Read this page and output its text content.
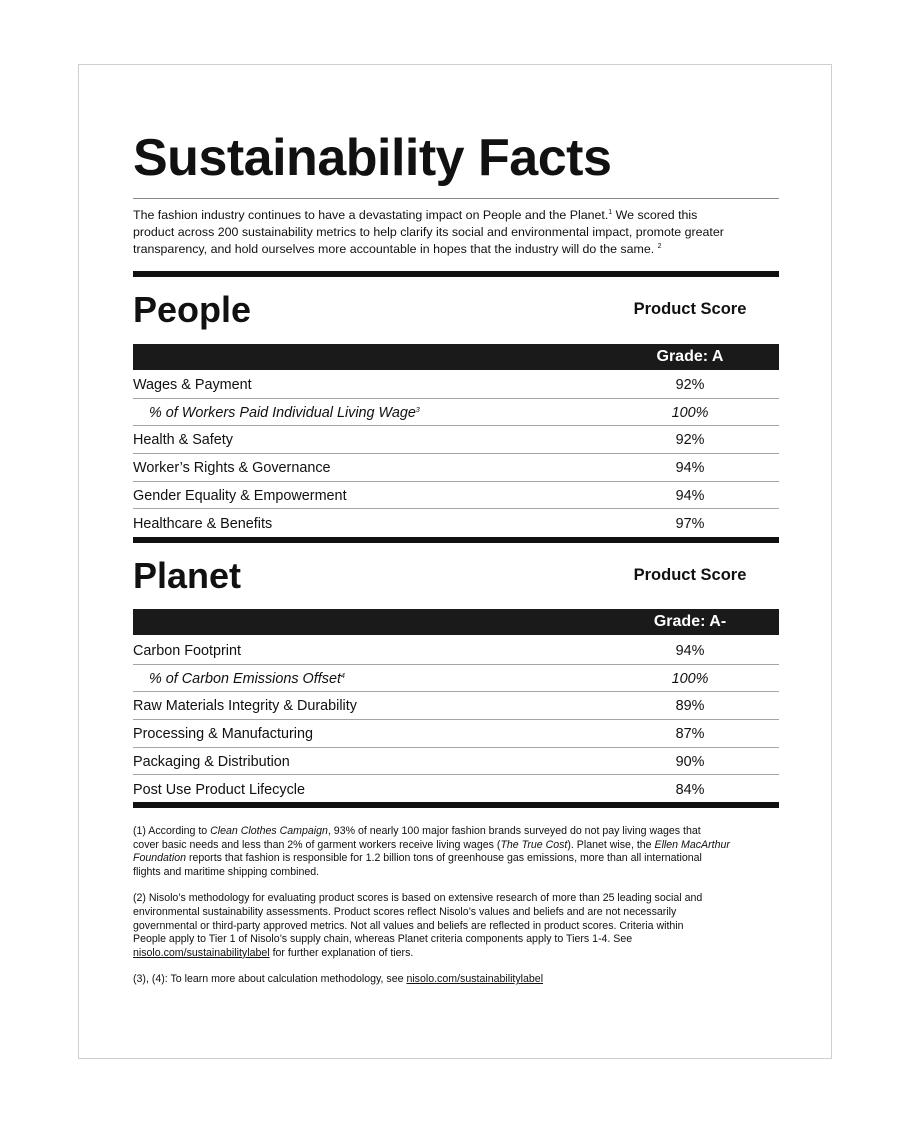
Sustainability Facts

The fashion industry continues to have a devastating impact on People and the Planet.$^1$ We scored this

product across 200 sustainability metrics to help clarify its social and environmental impact, promote greater

transparency, and hold ourselves more accountable in hopes that the industry will do the same. $^2$

People	Product Score
Grade: A
Wages & Payment	92%
% of Workers Paid Individual Living Wage$^3$	100%
Health & Safety	92%
Worker’s Rights & Governance	94%
Gender Equality & Empowerment	94%
Healthcare & Benefits	97%
Planet	Product Score
Grade: A-
Carbon Footprint	94%
% of Carbon Emissions Offset$^4$	100%
Raw Materials Integrity & Durability	89%
Processing & Manufacturing	87%
Packaging & Distribution	90%
Post Use Product Lifecycle	84%

(1) According to Clean Clothes Campaign, 93% of nearly 100 major fashion brands surveyed do not pay living wages that
cover basic needs and less than 2% of garment workers receive living wages (The True Cost). Planet wise, the Ellen MacArthur
Foundation reports that fashion is responsible for 1.2 billion tons of greenhouse gas emissions, more than all international
flights and maritime shipping combined.

(2) Nisolo’s methodology for evaluating product scores is based on extensive research of more than 25 leading social and
environmental sustainability assessments. Product scores reflect Nisolo’s values and beliefs and are not necessarily
governmental or third-party approved metrics. Not all values and beliefs are reflected in product scores. Criteria within
People apply to Tier 1 of Nisolo’s supply chain, whereas Planet criteria components apply to Tiers 1-4. See
nisolo.com/sustainabilitylabel for further explanation of tiers.

(3), (4): To learn more about calculation methodology, see nisolo.com/sustainabilitylabel
